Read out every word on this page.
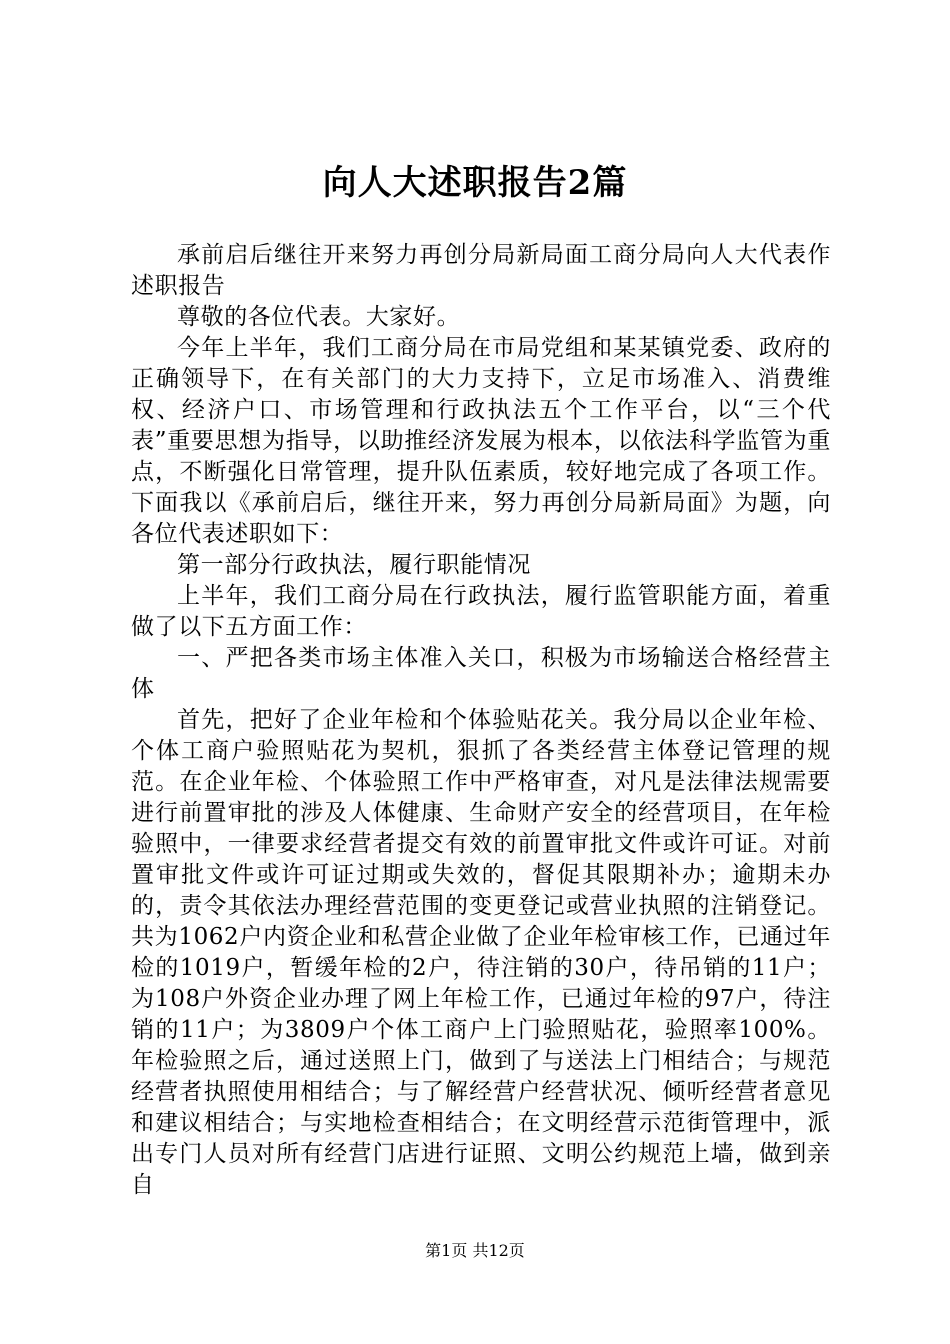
向人大述职报告2篇

承前启后继往开来努力再创分局新局面工商分局向人大代表作述职报告

尊敬的各位代表。大家好。

今年上半年，我们工商分局在市局党组和某某镇党委、政府的正确领导下，在有关部门的大力支持下，立足市场准入、消费维权、经济户口、市场管理和行政执法五个工作平台，以“三个代表”重要思想为指导，以助推经济发展为根本，以依法科学监管为重点，不断强化日常管理，提升队伍素质，较好地完成了各项工作。下面我以《承前启后，继往开来，努力再创分局新局面》为题，向各位代表述职如下：

第一部分行政执法，履行职能情况

上半年，我们工商分局在行政执法，履行监管职能方面，着重做了以下五方面工作：

一、严把各类市场主体准入关口，积极为市场输送合格经营主体

首先，把好了企业年检和个体验贴花关。我分局以企业年检、个体工商户验照贴花为契机，狠抓了各类经营主体登记管理的规范。在企业年检、个体验照工作中严格审查，对凡是法律法规需要进行前置审批的涉及人体健康、生命财产安全的经营项目，在年检验照中，一律要求经营者提交有效的前置审批文件或许可证。对前置审批文件或许可证过期或失效的，督促其限期补办；逾期未办的，责令其依法办理经营范围的变更登记或营业执照的注销登记。共为1062户内资企业和私营企业做了企业年检审核工作，已通过年检的1019户，暂缓年检的2户，待注销的30户，待吊销的11户；为108户外资企业办理了网上年检工作，已通过年检的97户，待注销的11户；为3809户个体工商户上门验照贴花，验照率100%。年检验照之后，通过送照上门，做到了与送法上门相结合；与规范经营者执照使用相结合；与了解经营户经营状况、倾听经营者意见和建议相结合；与实地检查相结合；在文明经营示范街管理中，派出专门人员对所有经营门店进行证照、文明公约规范上墙，做到亲自

第1页 共12页
